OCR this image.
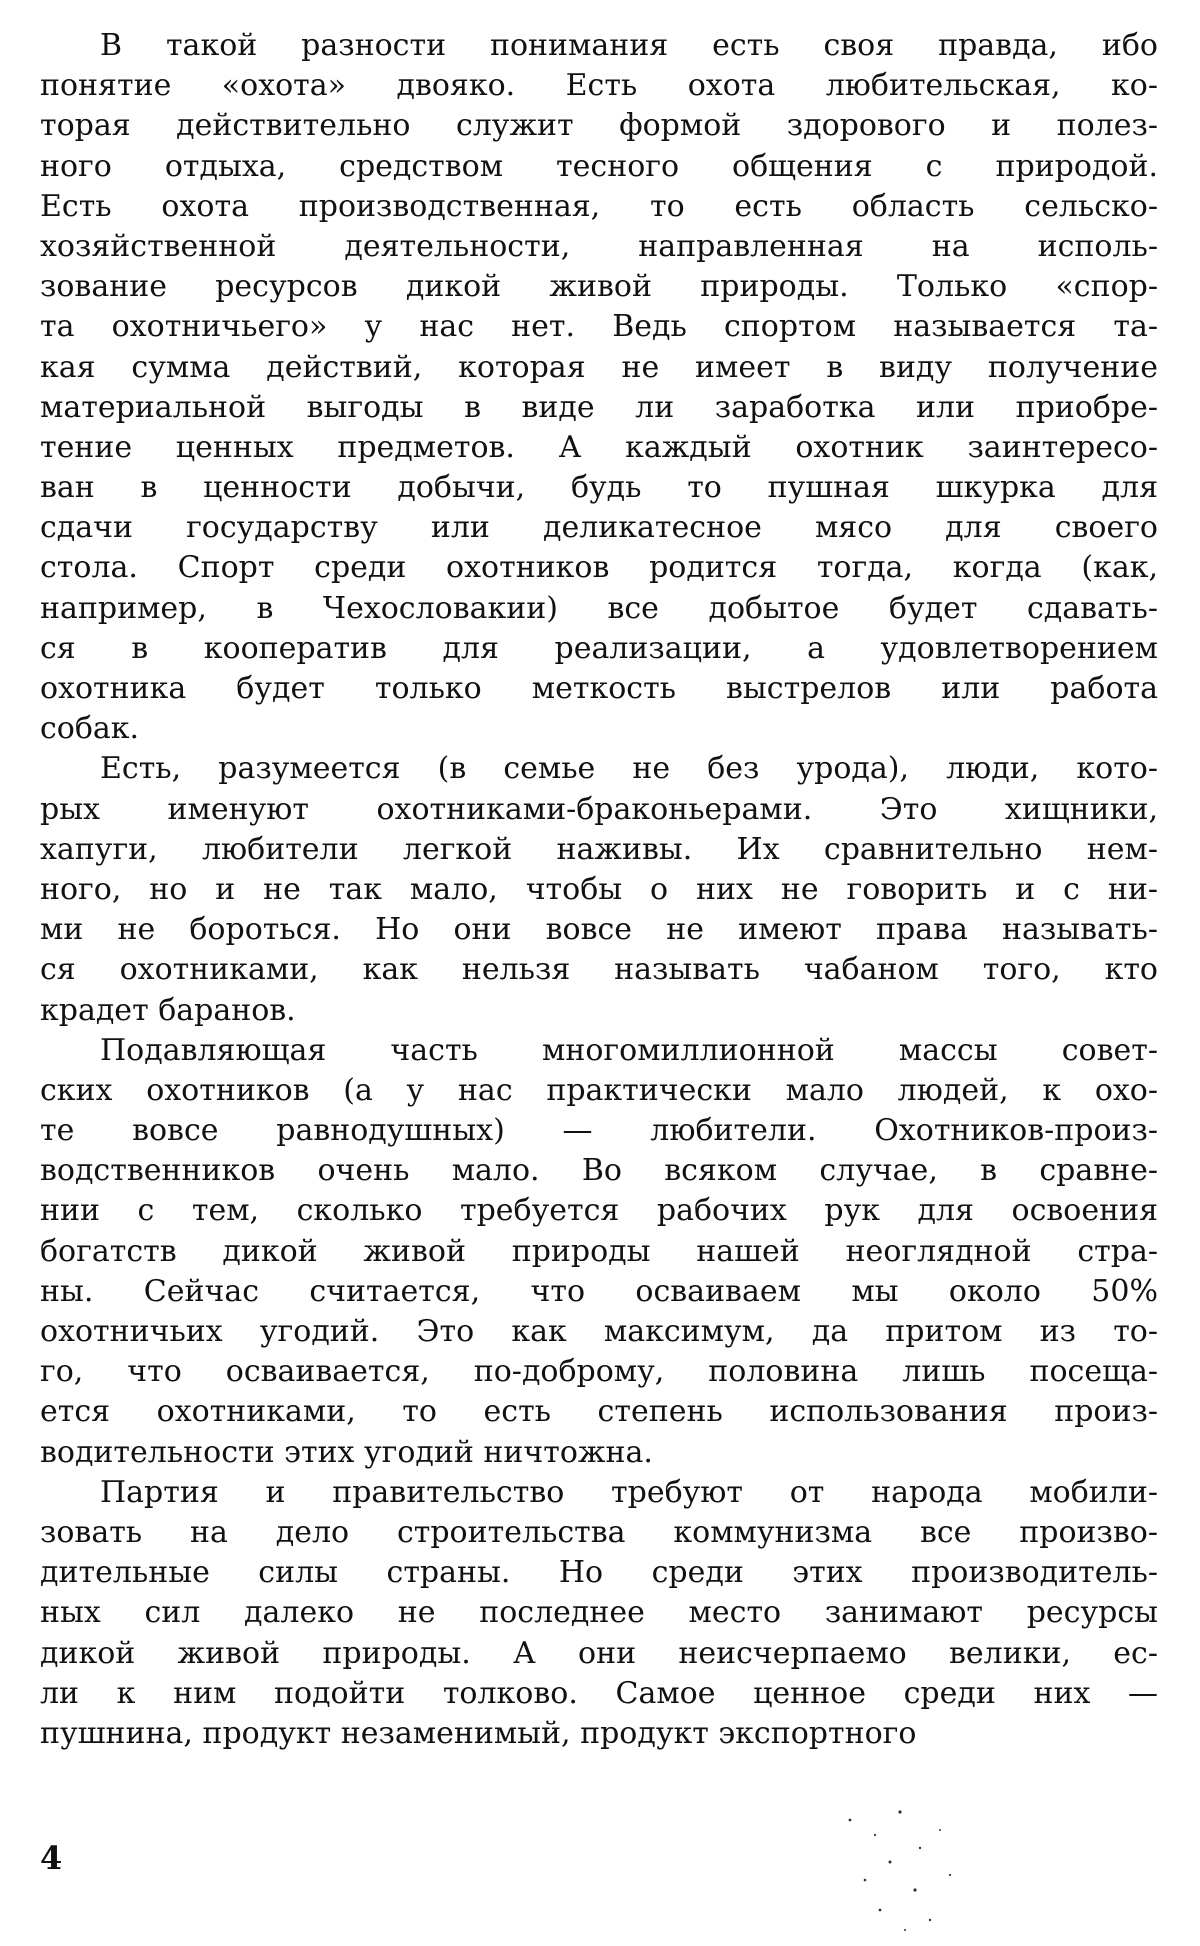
В такой разности понимания есть своя правда, ибо
понятие «охота» двояко. Есть охота любительская, ко-
торая действительно служит формой здорового и полез-
ного отдыха, средством тесного общения с природой.
Есть охота производственная, то есть область сельско-
хозяйственной деятельности, направленная на исполь-
зование ресурсов дикой живой природы. Только «спор-
та охотничьего» у нас нет. Ведь спортом называется та-
кая сумма действий, которая не имеет в виду получение
материальной выгоды в виде ли заработка или приобре-
тение ценных предметов. А каждый охотник заинтересо-
ван в ценности добычи, будь то пушная шкурка для
сдачи государству или деликатесное мясо для своего
стола. Спорт среди охотников родится тогда, когда (как,
например, в Чехословакии) все добытое будет сдавать-
ся в кооператив для реализации, а удовлетворением
охотника будет только меткость выстрелов или работа
собак.
Есть, разумеется (в семье не без урода), люди, кото-
рых именуют охотниками-браконьерами. Это хищники,
хапуги, любители легкой наживы. Их сравнительно нем-
ного, но и не так мало, чтобы о них не говорить и с ни-
ми не бороться. Но они вовсе не имеют права называть-
ся охотниками, как нельзя называть чабаном того, кто
крадет баранов.
Подавляющая часть многомиллионной массы совет-
ских охотников (а у нас практически мало людей, к охо-
те вовсе равнодушных) — любители. Охотников-произ-
водственников очень мало. Во всяком случае, в сравне-
нии с тем, сколько требуется рабочих рук для освоения
богатств дикой живой природы нашей неоглядной стра-
ны. Сейчас считается, что осваиваем мы около 50%
охотничьих угодий. Это как максимум, да притом из то-
го, что осваивается, по-доброму, половина лишь посеща-
ется охотниками, то есть степень использования произ-
водительности этих угодий ничтожна.
Партия и правительство требуют от народа мобили-
зовать на дело строительства коммунизма все произво-
дительные силы страны. Но среди этих производитель-
ных сил далеко не последнее место занимают ресурсы
дикой живой природы. А они неисчерпаемо велики, ес-
ли к ним подойти толково. Самое ценное среди них —
пушнина, продукт незаменимый, продукт экспортного
4
